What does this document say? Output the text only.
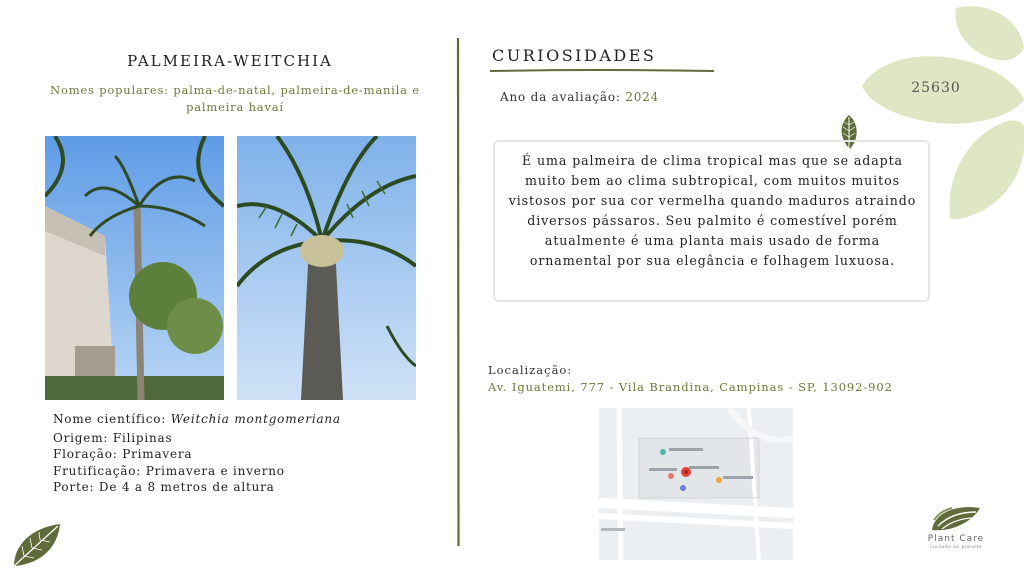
25630
PALMEIRA-WEITCHIA
Nomes populares: palma-de-natal, palmeira-de-manila e palmeira havaí
Nome científico: Weitchia montgomeriana
Origem: Filipinas
Floração: Primavera
Frutificação: Primavera e inverno
Porte: De 4 a 8 metros de altura
CURIOSIDADES
Ano da avaliação: 2024
É uma palmeira de clima tropical mas que se adapta muito bem ao clima subtropical, com muitos muitos vistosos por sua cor vermelha quando maduros atraindo diversos pássaros. Seu palmito é comestível porém atualmente é uma planta mais usado de forma ornamental por sua elegância e folhagem luxuosa.
Localização:
Av. Iguatemi, 777 - Vila Brandina, Campinas - SP, 13092-902
Plant Care
cuidado ao planeta
